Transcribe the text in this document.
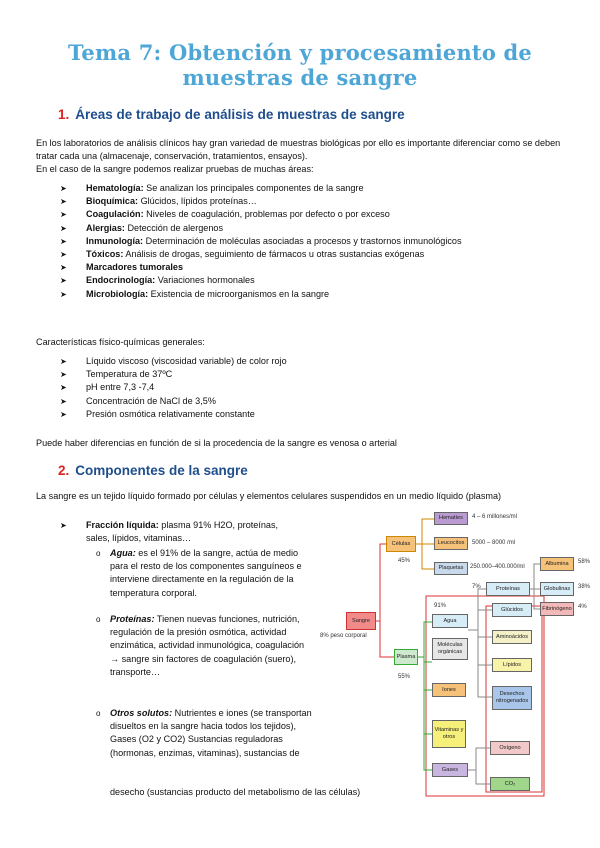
Tema 7: Obtención y procesamiento de muestras de sangre
1. Áreas de trabajo de análisis de muestras de sangre
En los laboratorios de análisis clínicos hay gran variedad de muestras biológicas por ello es importante diferenciar como se deben tratar cada una (almacenaje, conservación, tratamientos, ensayos).
En el caso de la sangre podemos realizar pruebas de muchas áreas:
➤ Hematología: Se analizan los principales componentes de la sangre
➤ Bioquímica: Glúcidos, lípidos proteínas…
➤ Coagulación: Niveles de coagulación, problemas por defecto o por exceso
➤ Alergias: Detección de alergenos
➤ Inmunología: Determinación de moléculas asociadas a procesos y trastornos inmunológicos
➤ Tóxicos: Análisis de drogas, seguimiento de fármacos u otras sustancias exógenas
➤ Marcadores tumorales
➤ Endocrinología: Variaciones hormonales
➤ Microbiología: Existencia de microorganismos en la sangre
Características físico-químicas generales:
➤ Líquido viscoso (viscosidad variable) de color rojo
➤ Temperatura de 37ºC
➤ pH entre 7,3 -7,4
➤ Concentración de NaCl de 3,5%
➤ Presión osmótica relativamente constante
Puede haber diferencias en función de si la procedencia de la sangre es venosa o arterial
2. Componentes de la sangre
La sangre es un tejido líquido formado por células y elementos celulares suspendidos en un medio líquido (plasma)
➤ Fracción líquida: plasma 91% H2O, proteínas, sales, lípidos, vitaminas…
o Agua: es el 91% de la sangre, actúa de medio para el resto de los componentes sanguíneos e interviene directamente en la regulación de la temperatura corporal.
o Proteínas: Tienen nuevas funciones, nutrición, regulación de la presión osmótica, actividad enzimática, actividad inmunológica, coagulación → sangre sin factores de coagulación (suero), transporte…
o Otros solutos: Nutrientes e iones (se transportan disueltos en la sangre hacia todos los tejidos), Gases (O2 y CO2) Sustancias reguladoras (hormonas, enzimas, vitaminas), sustancias de
desecho (sustancias producto del metabolismo de las células)
Sangre
8% peso corporal
Células
45%
Hematíes	4 – 6 millones/ml
Leucocitos	5000 – 8000 /ml
Plaquetas	250.000–400.000/ml
Plasma
55%
Agua
91%
Moléculas orgánicas
Proteínas
7%
Albumina	58%
Globulinas	38%
Fibrinógeno	4%
Glúcidos
Aminoácidos
Lípidos
Desechos nitrogenados
Iones
Vitaminas y otros
Gases
Oxígeno
CO₂
